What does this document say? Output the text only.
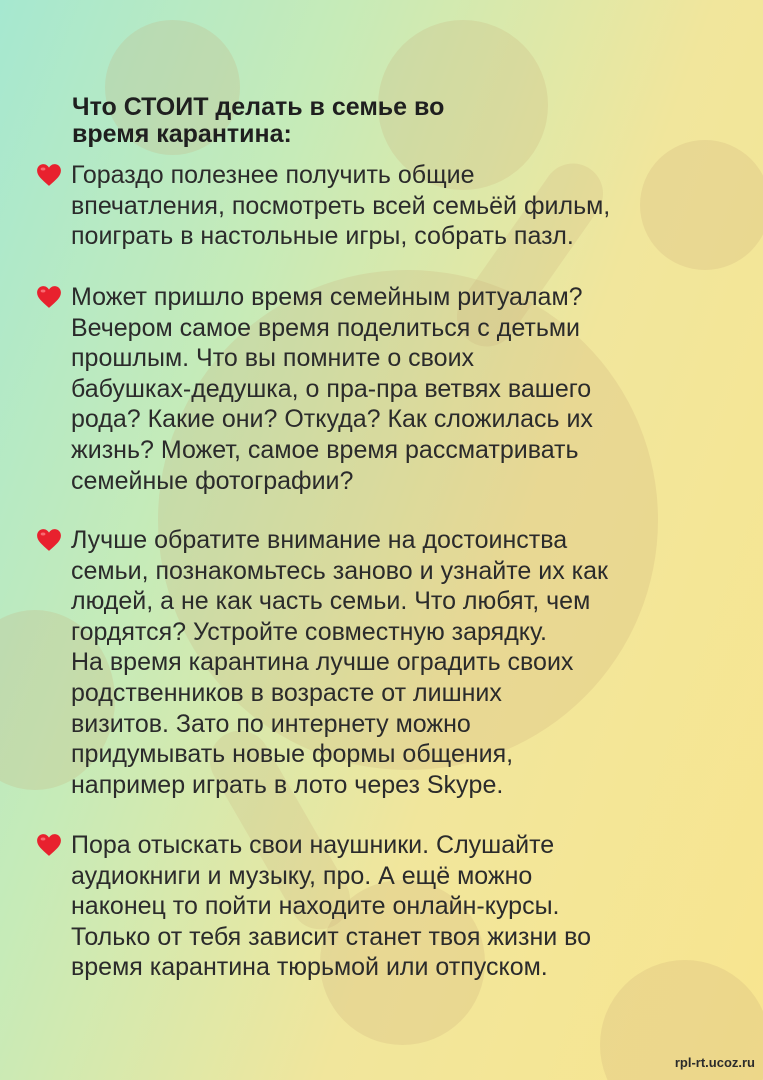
Что СТОИТ делать в семье во
время карантина:
Гораздо полезнее получить общие
впечатления, посмотреть всей семьёй фильм,
поиграть в настольные игры, собрать пазл.
Может пришло время семейным ритуалам?
Вечером самое время поделиться с детьми
прошлым. Что вы помните о своих
бабушках-дедушка, о пра-пра ветвях вашего
рода? Какие они? Откуда? Как сложилась их
жизнь? Может, самое время рассматривать
семейные фотографии?
Лучше обратите внимание на достоинства
семьи, познакомьтесь заново и узнайте их как
людей, а не как часть семьи. Что любят, чем
гордятся? Устройте совместную зарядку.
На время карантина лучше оградить своих
родственников в возрасте от лишних
визитов. Зато по интернету можно
придумывать новые формы общения,
например играть в лото через Skype.
Пора отыскать свои наушники. Слушайте
аудиокниги и музыку, про. А ещё можно
наконец то пойти находите онлайн-курсы.
Только от тебя зависит станет твоя жизни во
время карантина тюрьмой или отпуском.
rpl-rt.ucoz.ru
